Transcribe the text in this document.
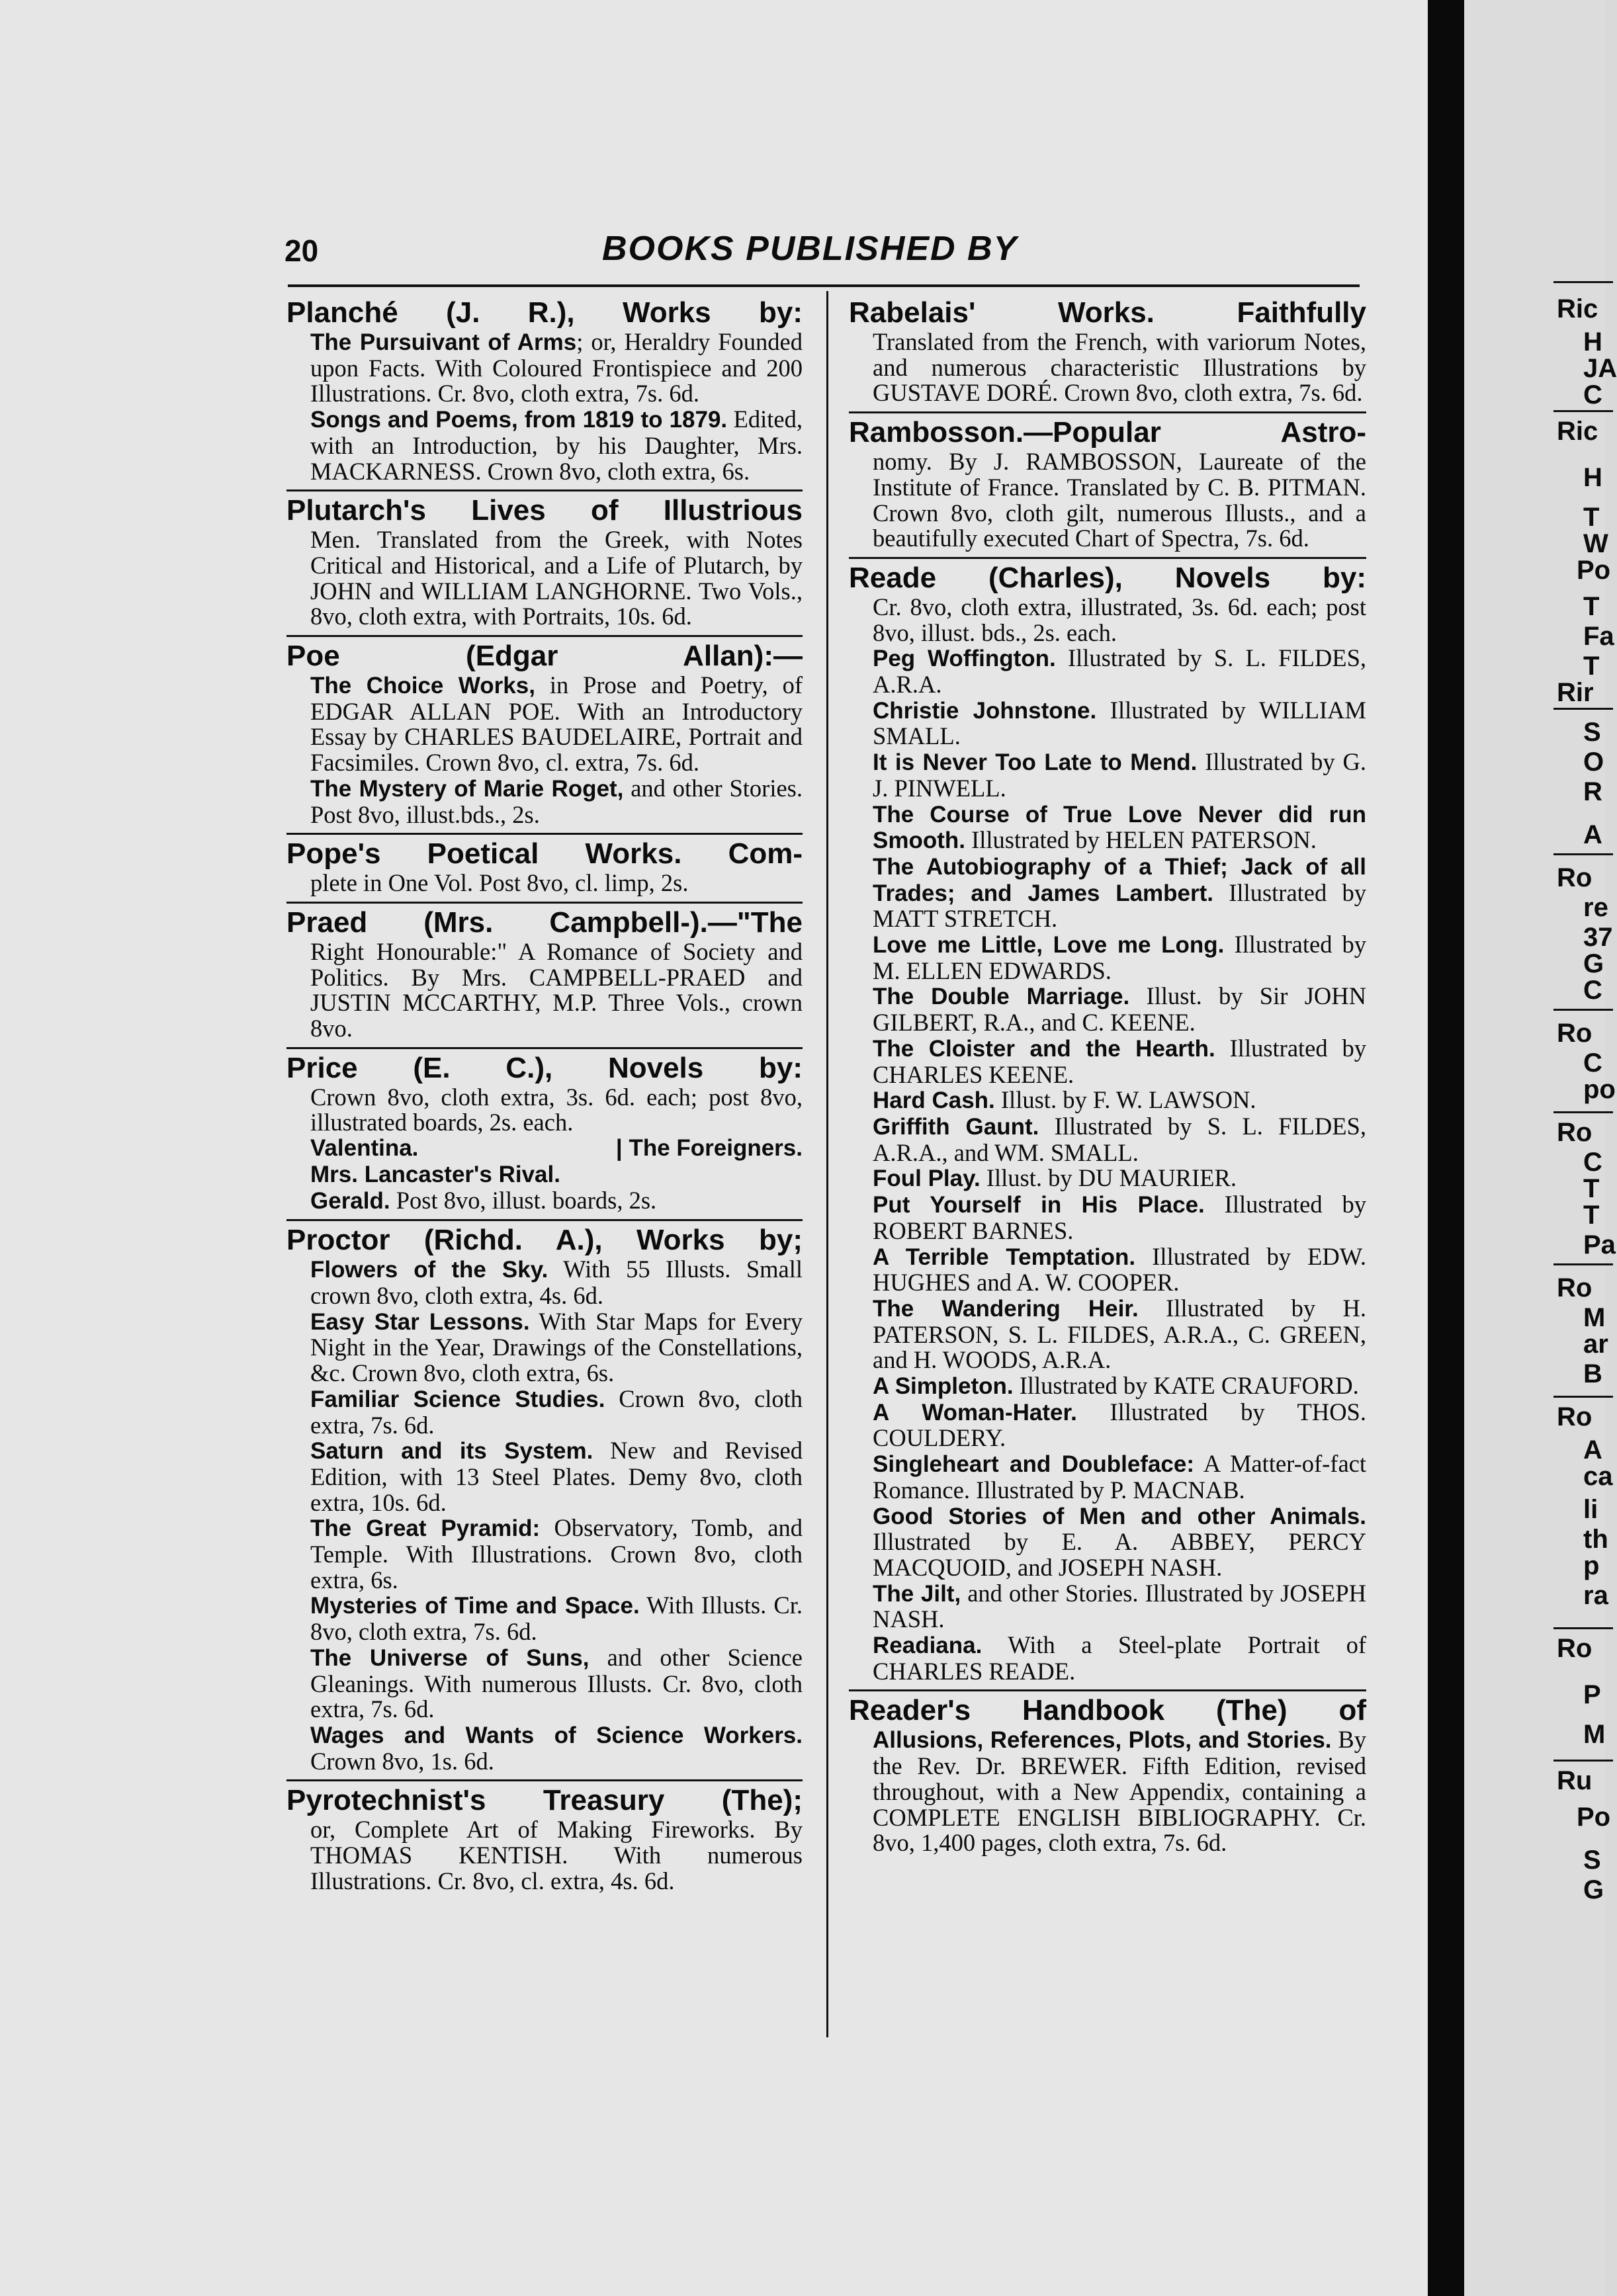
20	BOOKS PUBLISHED BY
Planché (J. R.), Works by:
The Pursuivant of Arms; or, Heraldry Founded upon Facts. With Coloured Frontispiece and 200 Illustrations. Cr. 8vo, cloth extra, 7s. 6d.
Songs and Poems, from 1819 to 1879. Edited, with an Introduction, by his Daughter, Mrs. MACKARNESS. Crown 8vo, cloth extra, 6s.
Plutarch's Lives of Illustrious
Men. Translated from the Greek, with Notes Critical and Historical, and a Life of Plutarch, by JOHN and WILLIAM LANGHORNE. Two Vols., 8vo, cloth extra, with Portraits, 10s. 6d.
Poe (Edgar Allan):—
The Choice Works, in Prose and Poetry, of EDGAR ALLAN POE. With an Introductory Essay by CHARLES BAUDELAIRE, Portrait and Facsimiles. Crown 8vo, cl. extra, 7s. 6d.
The Mystery of Marie Roget, and other Stories. Post 8vo, illust.bds., 2s.
Pope's Poetical Works. Com-
plete in One Vol. Post 8vo, cl. limp, 2s.
Praed (Mrs. Campbell-).—"The
Right Honourable:" A Romance of Society and Politics. By Mrs. CAMPBELL-PRAED and JUSTIN MCCARTHY, M.P. Three Vols., crown 8vo.
Price (E. C.), Novels by:
Crown 8vo, cloth extra, 3s. 6d. each; post 8vo, illustrated boards, 2s. each.
Valentina.	| The Foreigners.
Mrs. Lancaster's Rival.
Gerald. Post 8vo, illust. boards, 2s.
Proctor (Richd. A.), Works by;
Flowers of the Sky. With 55 Illusts. Small crown 8vo, cloth extra, 4s. 6d.
Easy Star Lessons. With Star Maps for Every Night in the Year, Drawings of the Constellations, &c. Crown 8vo, cloth extra, 6s.
Familiar Science Studies. Crown 8vo, cloth extra, 7s. 6d.
Saturn and its System. New and Revised Edition, with 13 Steel Plates. Demy 8vo, cloth extra, 10s. 6d.
The Great Pyramid: Observatory, Tomb, and Temple. With Illustrations. Crown 8vo, cloth extra, 6s.
Mysteries of Time and Space. With Illusts. Cr. 8vo, cloth extra, 7s. 6d.
The Universe of Suns, and other Science Gleanings. With numerous Illusts. Cr. 8vo, cloth extra, 7s. 6d.
Wages and Wants of Science Workers. Crown 8vo, 1s. 6d.
Pyrotechnist's Treasury (The);
or, Complete Art of Making Fireworks. By THOMAS KENTISH. With numerous Illustrations. Cr. 8vo, cl. extra, 4s. 6d.
Rabelais' Works.	Faithfully
Translated from the French, with variorum Notes, and numerous characteristic Illustrations by GUSTAVE DORÉ. Crown 8vo, cloth extra, 7s. 6d.
Rambosson.—Popular Astro-
nomy. By J. RAMBOSSON, Laureate of the Institute of France. Translated by C. B. PITMAN. Crown 8vo, cloth gilt, numerous Illusts., and a beautifully executed Chart of Spectra, 7s. 6d.
Reade (Charles), Novels by:
Cr. 8vo, cloth extra, illustrated, 3s. 6d. each; post 8vo, illust. bds., 2s. each.
Peg Woffington. Illustrated by S. L. FILDES, A.R.A.
Christie Johnstone. Illustrated by WILLIAM SMALL.
It is Never Too Late to Mend. Illustrated by G. J. PINWELL.
The Course of True Love Never did run Smooth. Illustrated by HELEN PATERSON.
The Autobiography of a Thief; Jack of all Trades; and James Lambert. Illustrated by MATT STRETCH.
Love me Little, Love me Long. Illustrated by M. ELLEN EDWARDS.
The Double Marriage. Illust. by Sir JOHN GILBERT, R.A., and C. KEENE.
The Cloister and the Hearth. Illustrated by CHARLES KEENE.
Hard Cash. Illust. by F. W. LAWSON.
Griffith Gaunt. Illustrated by S. L. FILDES, A.R.A., and WM. SMALL.
Foul Play. Illust. by DU MAURIER.
Put Yourself in His Place. Illustrated by ROBERT BARNES.
A Terrible Temptation. Illustrated by EDW. HUGHES and A. W. COOPER.
The Wandering Heir. Illustrated by H. PATERSON, S. L. FILDES, A.R.A., C. GREEN, and H. WOODS, A.R.A.
A Simpleton. Illustrated by KATE CRAUFORD.
A Woman-Hater. Illustrated by THOS. COULDERY.
Singleheart and Doubleface: A Matter-of-fact Romance. Illustrated by P. MACNAB.
Good Stories of Men and other Animals. Illustrated by E. A. ABBEY, PERCY MACQUOID, and JOSEPH NASH.
The Jilt, and other Stories. Illustrated by JOSEPH NASH.
Readiana. With a Steel-plate Portrait of CHARLES READE.
Reader's Handbook (The) of
Allusions, References, Plots, and Stories. By the Rev. Dr. BREWER. Fifth Edition, revised throughout, with a New Appendix, containing a COMPLETE ENGLISH BIBLIOGRAPHY. Cr. 8vo, 1,400 pages, cloth extra, 7s. 6d.
Ric
H
JA
C
Ric
H
T
W
Po
T
Fa
T
Rir
S
O
R
A
Ro
re
37
G
C
Ro
C
po
Ro
C
T
T
Pa
Ro
M
ar
B
Ro
A
ca
li
th
p
ra
Ro
P
M
Ru
Po
S
G
